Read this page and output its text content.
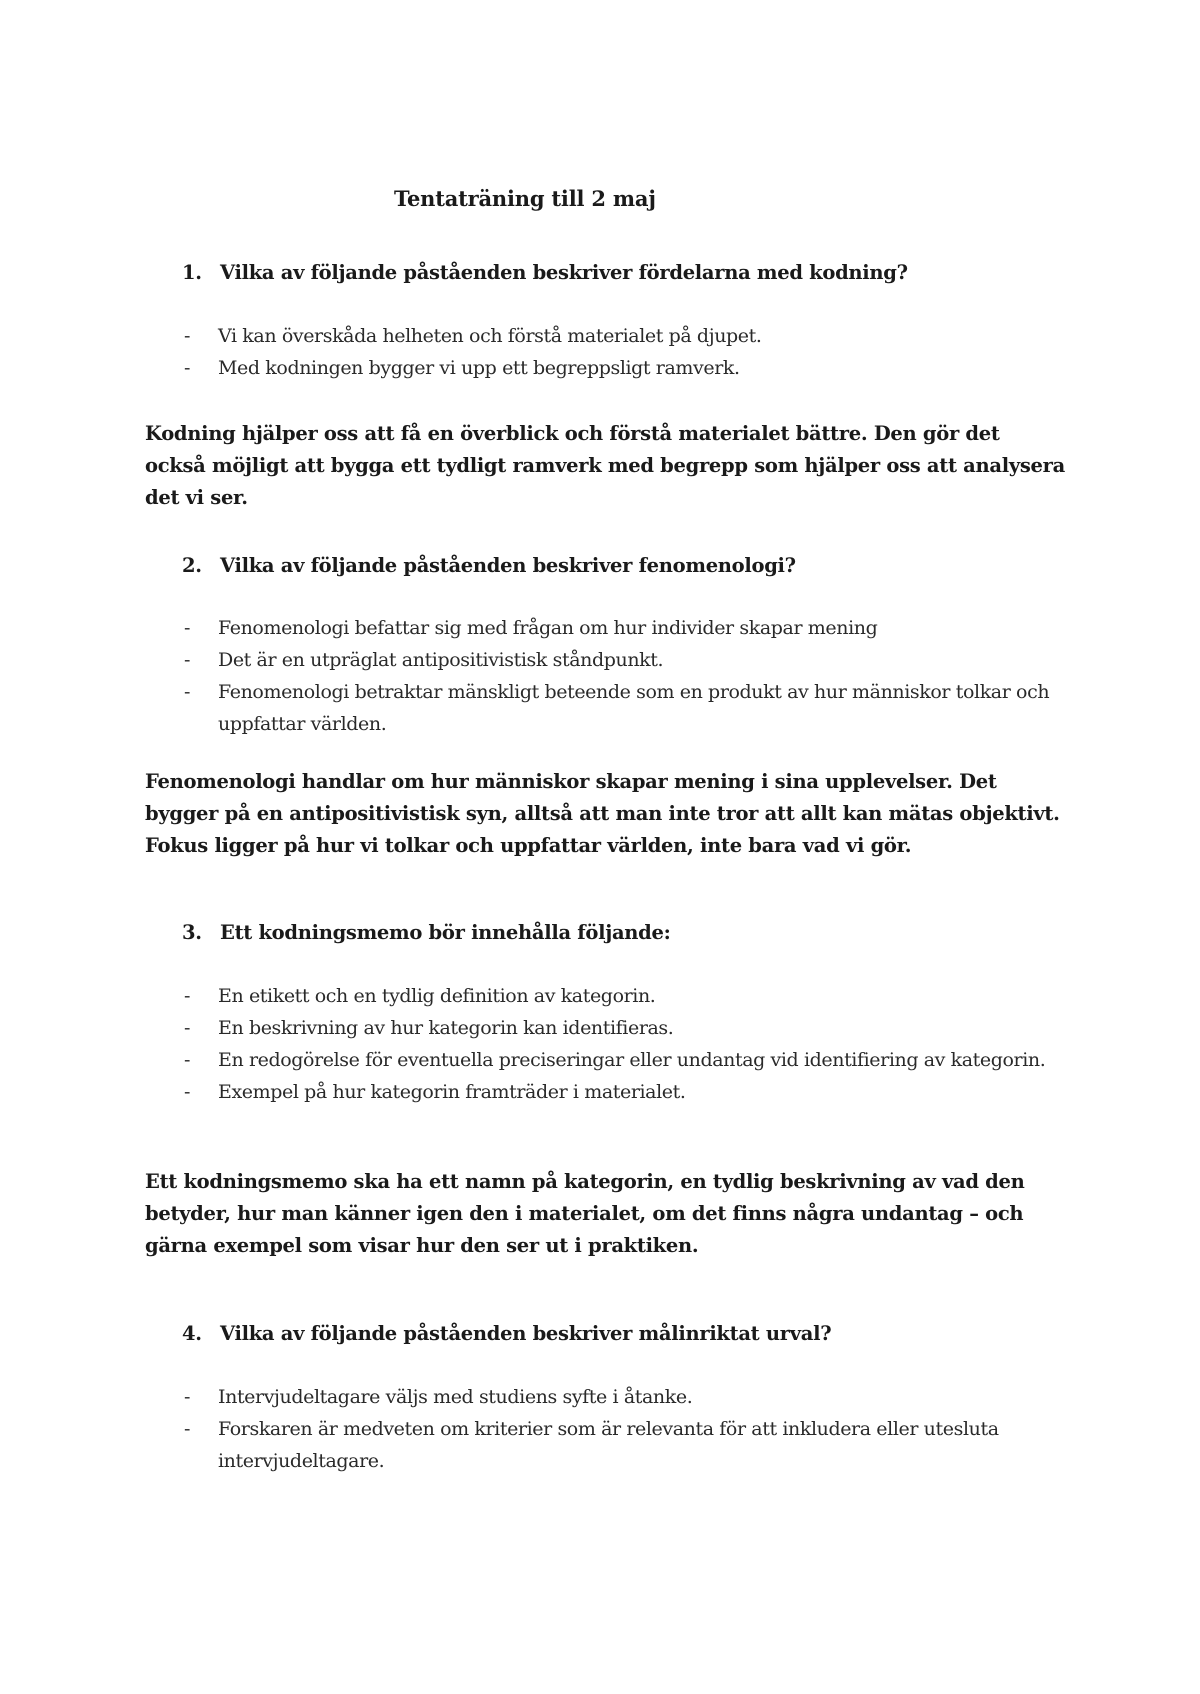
Tentaträning till 2 maj
1. Vilka av följande påståenden beskriver fördelarna med kodning?
- Vi kan överskåda helheten och förstå materialet på djupet.
- Med kodningen bygger vi upp ett begreppsligt ramverk.

Kodning hjälper oss att få en överblick och förstå materialet bättre. Den gör det också möjligt att bygga ett tydligt ramverk med begrepp som hjälper oss att analysera det vi ser.

2. Vilka av följande påståenden beskriver fenomenologi?
- Fenomenologi befattar sig med frågan om hur individer skapar mening
- Det är en utpräglat antipositivistisk ståndpunkt.
- Fenomenologi betraktar mänskligt beteende som en produkt av hur människor tolkar och uppfattar världen.

Fenomenologi handlar om hur människor skapar mening i sina upplevelser. Det bygger på en antipositivistisk syn, alltså att man inte tror att allt kan mätas objektivt. Fokus ligger på hur vi tolkar och uppfattar världen, inte bara vad vi gör.

3. Ett kodningsmemo bör innehålla följande:
- En etikett och en tydlig definition av kategorin.
- En beskrivning av hur kategorin kan identifieras.
- En redogörelse för eventuella preciseringar eller undantag vid identifiering av kategorin.
- Exempel på hur kategorin framträder i materialet.

Ett kodningsmemo ska ha ett namn på kategorin, en tydlig beskrivning av vad den betyder, hur man känner igen den i materialet, om det finns några undantag – och gärna exempel som visar hur den ser ut i praktiken.

4. Vilka av följande påståenden beskriver målinriktat urval?
- Intervjudeltagare väljs med studiens syfte i åtanke.
- Forskaren är medveten om kriterier som är relevanta för att inkludera eller utesluta intervjudeltagare.
